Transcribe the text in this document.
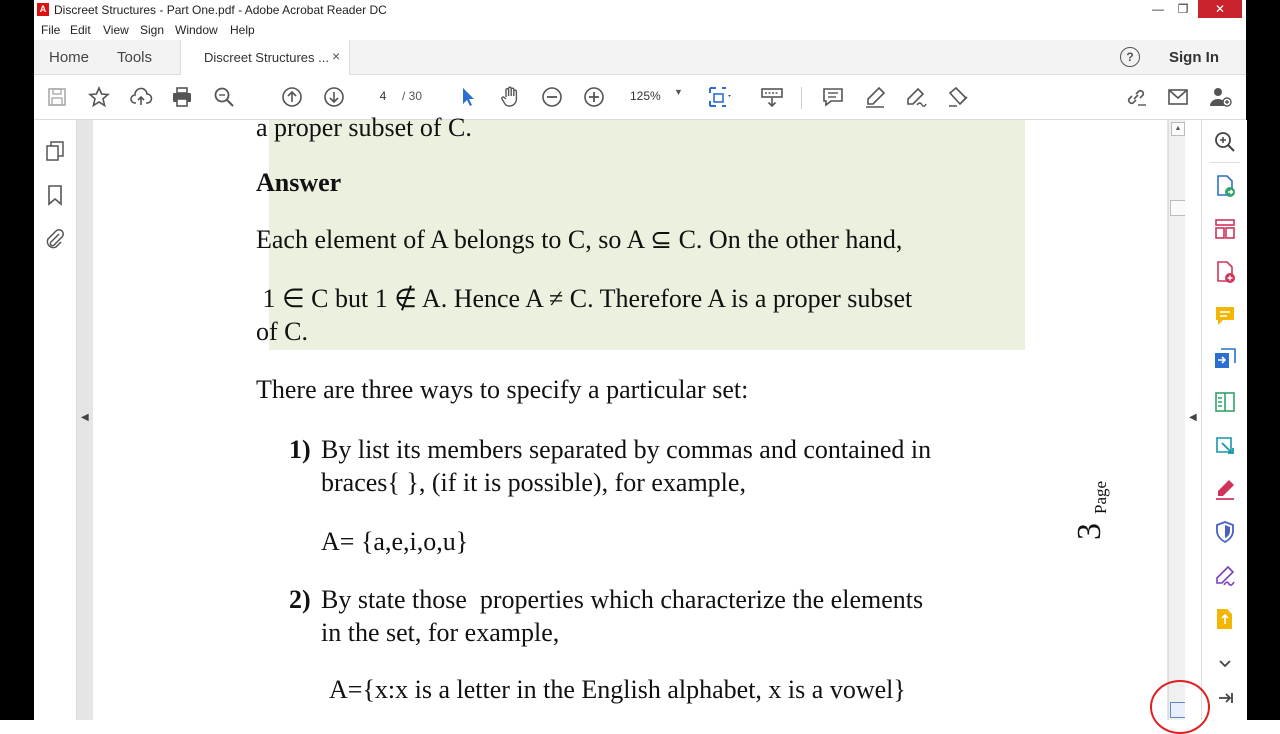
A Discreet Structures - Part One.pdf - Adobe Acrobat Reader DC	—	❐	✕
File Edit View Sign Window Help
Home Tools	Discreet Structures ... ×	?	Sign In
4	/ 30	125%	▼
a proper subset of C.
Answer
Each element of A belongs to C, so A ⊆ C. On the other hand,
1 ∈ C but 1 ∉ A. Hence A ≠ C. Therefore A is a proper subset
of C.
There are three ways to specify a particular set:
1) By list its members separated by commas and contained in
braces{ }, (if it is possible), for example,
A= {a,e,i,o,u}
2) By state those  properties which characterize the elements
in the set, for example,
A={x:x is a letter in the English alphabet, x is a vowel}
3
Page
◀
▲
◀
